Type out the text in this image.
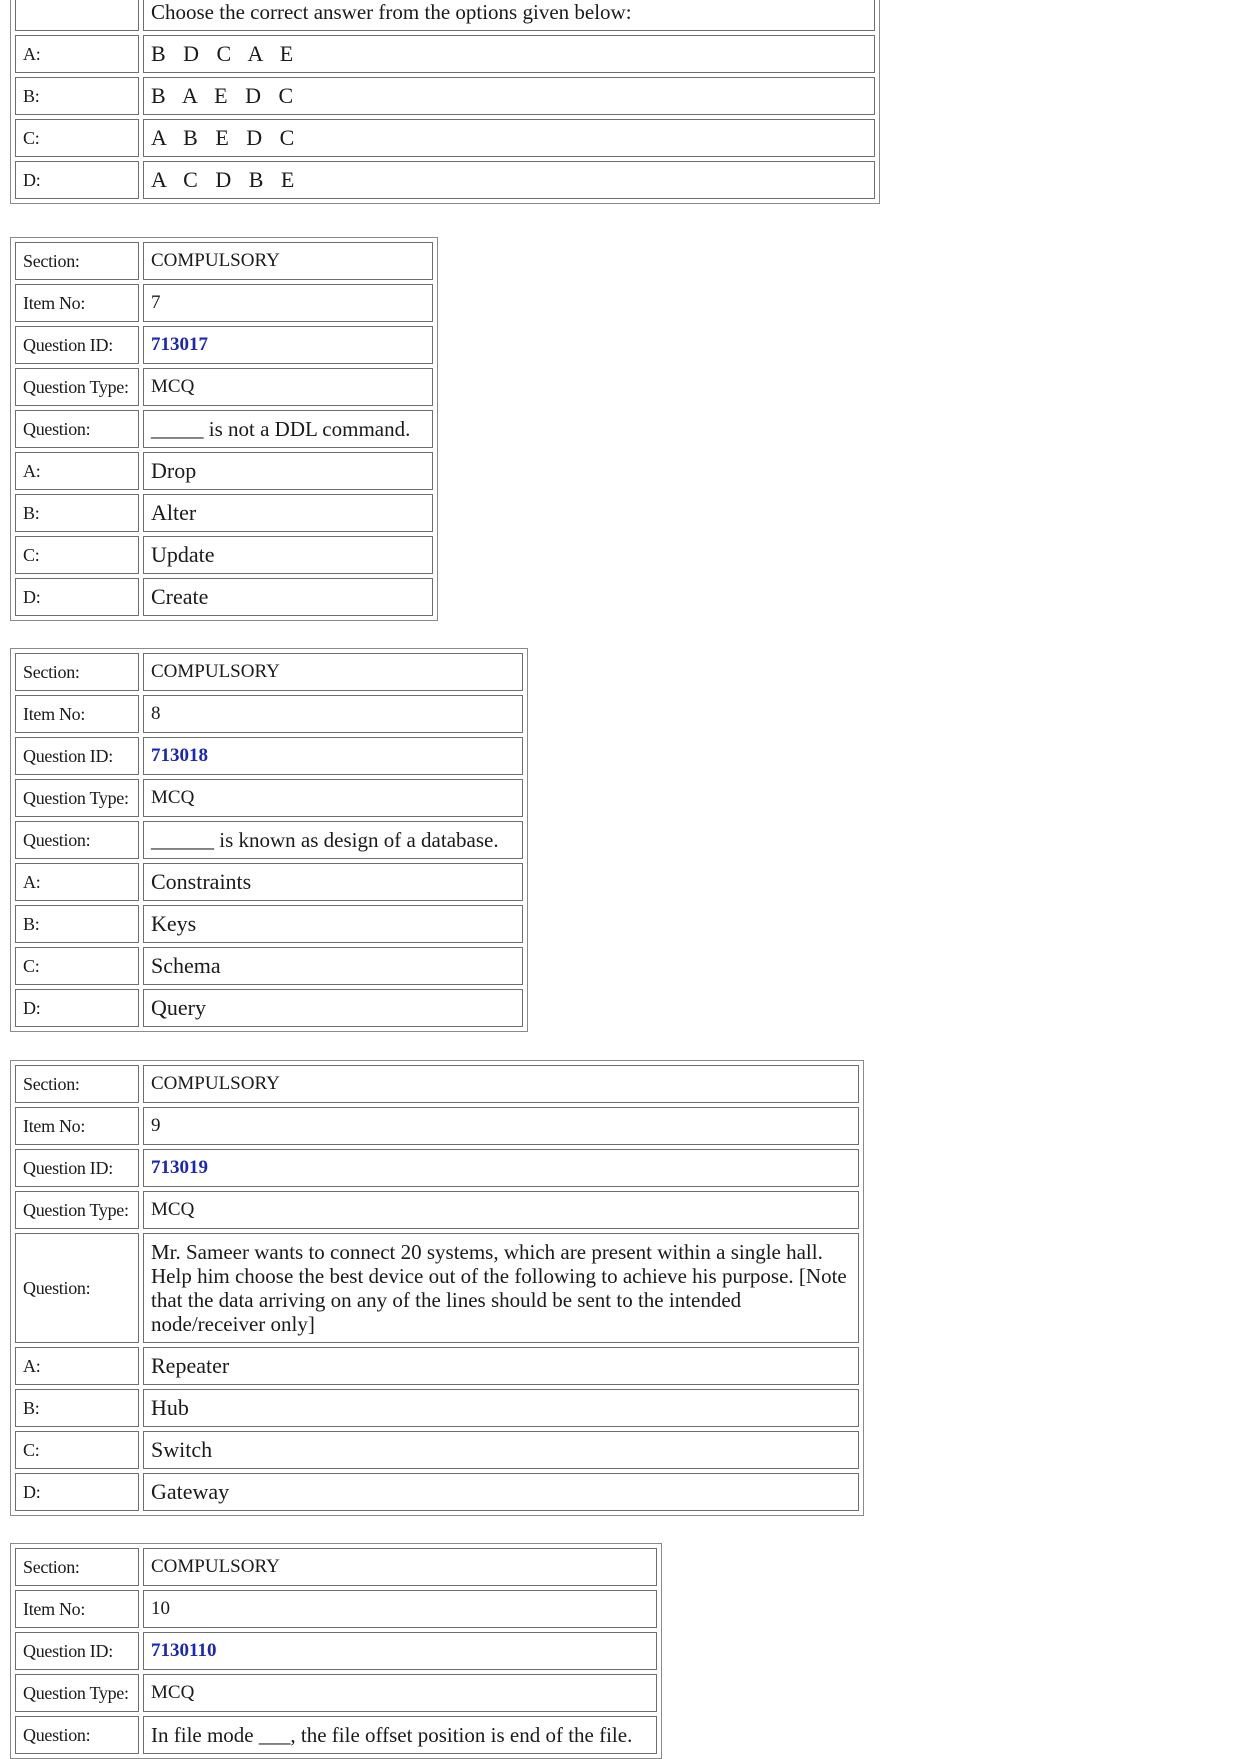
	Choose the correct answer from the options given below:
A:	B D C A E
B:	B A E D C
C:	A B E D C
D:	A C D B E
Section:	COMPULSORY
Item No:	7
Question ID:	713017
Question Type:	MCQ
Question:	_____ is not a DDL command.
A:	Drop
B:	Alter
C:	Update
D:	Create
Section:	COMPULSORY
Item No:	8
Question ID:	713018
Question Type:	MCQ
Question:	______ is known as design of a database.
A:	Constraints
B:	Keys
C:	Schema
D:	Query
Section:	COMPULSORY
Item No:	9
Question ID:	713019
Question Type:	MCQ
Question:	Mr. Sameer wants to connect 20 systems, which are present within a single hall. Help him choose the best device out of the following to achieve his purpose. [Note that the data arriving on any of the lines should be sent to the intended node/receiver only]
A:	Repeater
B:	Hub
C:	Switch
D:	Gateway
Section:	COMPULSORY
Item No:	10
Question ID:	7130110
Question Type:	MCQ
Question:	In file mode ___, the file offset position is end of the file.
